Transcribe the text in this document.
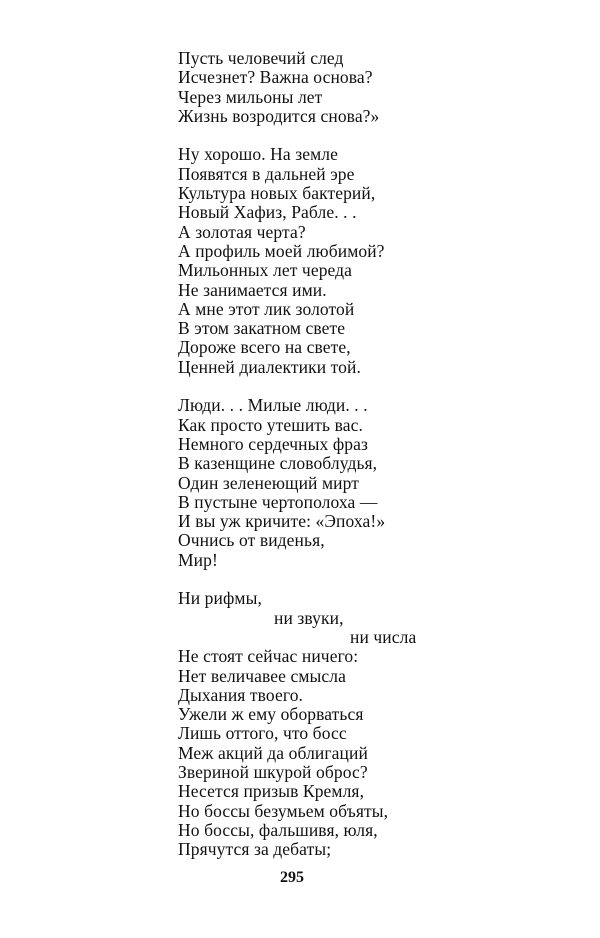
Пусть человечий след
Исчезнет? Важна основа?
Через мильоны лет
Жизнь возродится снова?»
Ну хорошо. На земле
Появятся в дальней эре
Культура новых бактерий,
Новый Хафиз, Рабле. . .
А золотая черта?
А профиль моей любимой?
Мильонных лет череда
Не занимается ими.
А мне этот лик золотой
В этом закатном свете
Дороже всего на свете,
Ценней диалектики той.
Люди. . . Милые люди. . .
Как просто утешить вас.
Немного сердечных фраз
В казенщине словоблудья,
Один зеленеющий мирт
В пустыне чертополоха —
И вы уж кричите: «Эпоха!»
Очнись от виденья,
Мир!
Ни рифмы,
ни звуки,
ни числа
Не стоят сейчас ничего:
Нет величавее смысла
Дыхания твоего.
Ужели ж ему оборваться
Лишь оттого, что босс
Меж акций да облигаций
Звериной шкурой оброс?
Несется призыв Кремля,
Но боссы безумьем объяты,
Но боссы, фальшивя, юля,
Прячутся за дебаты;
295
